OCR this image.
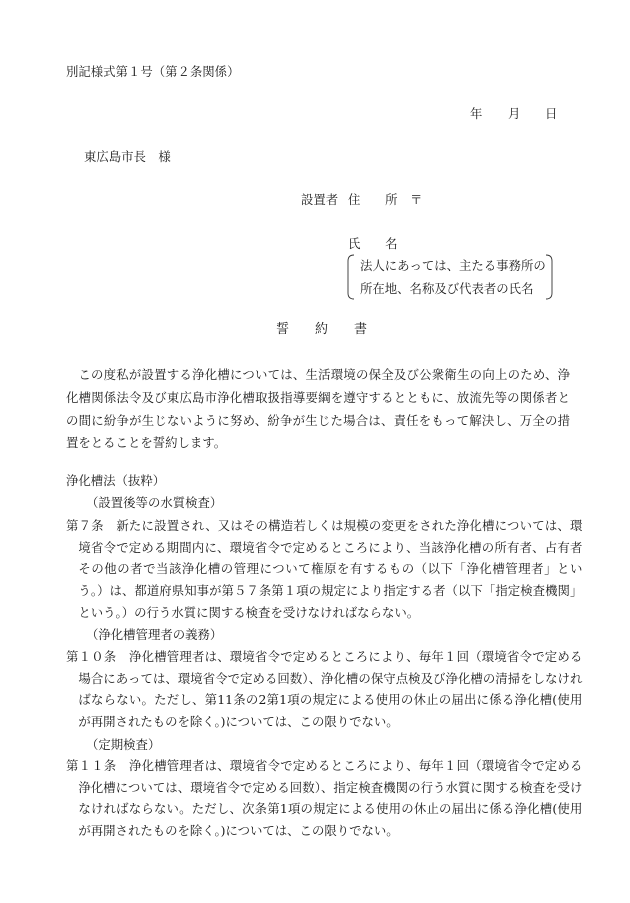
別記様式第１号（第２条関係）
年 月 日
東広島市長　様
設置者 住　　所 〒
氏　　名
法人にあっては、主たる事務所の
所在地、名称及び代表者の氏名
誓　　約　　書
この度私が設置する浄化槽については、生活環境の保全及び公衆衛生の向上のため、浄化槽関係法令及び東広島市浄化槽取扱指導要綱を遵守するとともに、放流先等の関係者との間に紛争が生じないように努め、紛争が生じた場合は、責任をもって解決し、万全の措置をとることを誓約します。
浄化槽法（抜粋）
（設置後等の水質検査）
第７条　新たに設置され、又はその構造若しくは規模の変更をされた浄化槽については、環境省令で定める期間内に、環境省令で定めるところにより、当該浄化槽の所有者、占有者その他の者で当該浄化槽の管理について権原を有するもの（以下「浄化槽管理者」という。）は、都道府県知事が第５７条第１項の規定により指定する者（以下「指定検査機関」という。）の行う水質に関する検査を受けなければならない。
（浄化槽管理者の義務）
第１０条　浄化槽管理者は、環境省令で定めるところにより、毎年１回（環境省令で定める場合にあっては、環境省令で定める回数）、浄化槽の保守点検及び浄化槽の清掃をしなければならない。ただし、第11条の2第1項の規定による使用の休止の届出に係る浄化槽(使用が再開されたものを除く。)については、この限りでない。
（定期検査）
第１１条　浄化槽管理者は、環境省令で定めるところにより、毎年１回（環境省令で定める浄化槽については、環境省令で定める回数）、指定検査機関の行う水質に関する検査を受けなければならない。ただし、次条第1項の規定による使用の休止の届出に係る浄化槽(使用が再開されたものを除く。)については、この限りでない。
